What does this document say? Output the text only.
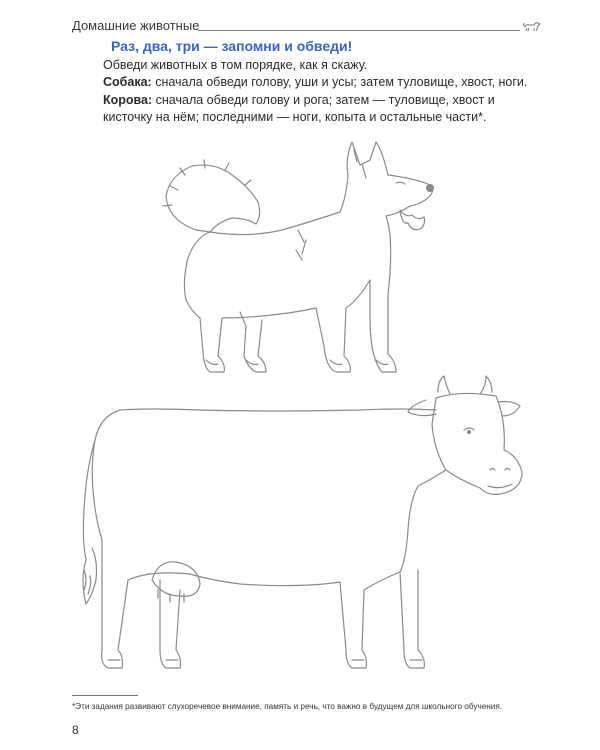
Домашние животные
Раз, два, три — запомни и обведи!
Обведи животных в том порядке, как я скажу.
Собака: сначала обведи голову, уши и усы; затем туловище, хвост, ноги.
Корова: сначала обведи голову и рога; затем — туловище, хвост и кисточку на нём; последними — ноги, копыта и остальные части*.
*Эти задания развивают слухоречевое внимание, память и речь, что важно в будущем для школьного обучения.
8
